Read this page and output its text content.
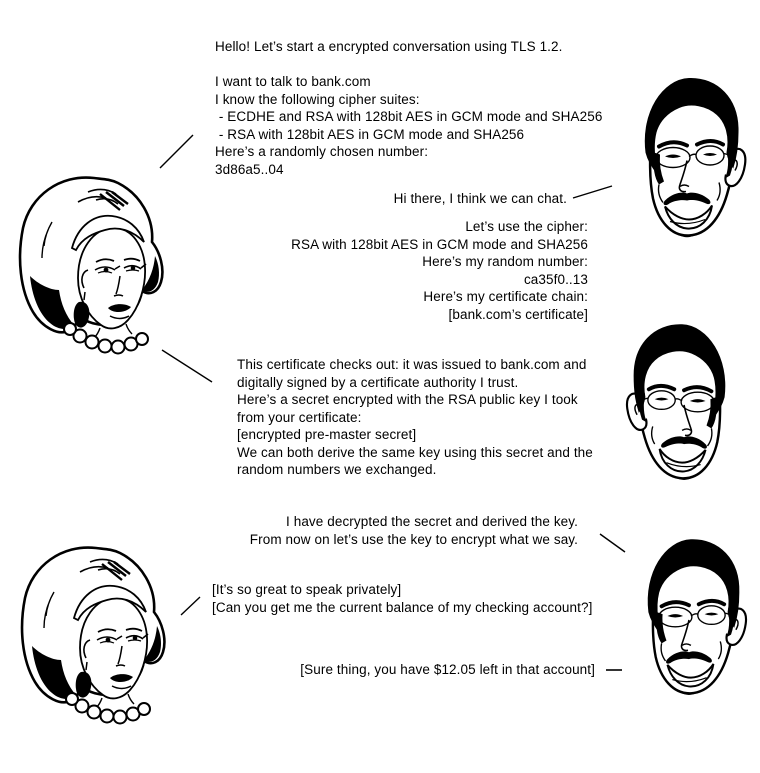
Hello! Let’s start a encrypted conversation using TLS 1.2.
I want to talk to bank.com
I know the following cipher suites:
- ECDHE and RSA with 128bit AES in GCM mode and SHA256
- RSA with 128bit AES in GCM mode and SHA256
Here’s a randomly chosen number:
3d86a5..04
Hi there, I think we can chat.
Let’s use the cipher:
RSA with 128bit AES in GCM mode and SHA256
Here’s my random number:
ca35f0..13
Here’s my certificate chain:
[bank.com’s certificate]
This certificate checks out: it was issued to bank.com and
digitally signed by a certificate authority I trust.
Here’s a secret encrypted with the RSA public key I took
from your certificate:
[encrypted pre-master secret]
We can both derive the same key using this secret and the
random numbers we exchanged.
I have decrypted the secret and derived the key.
From now on let’s use the key to encrypt what we say.
[It’s so great to speak privately]
[Can you get me the current balance of my checking account?]
[Sure thing, you have $12.05 left in that account]
